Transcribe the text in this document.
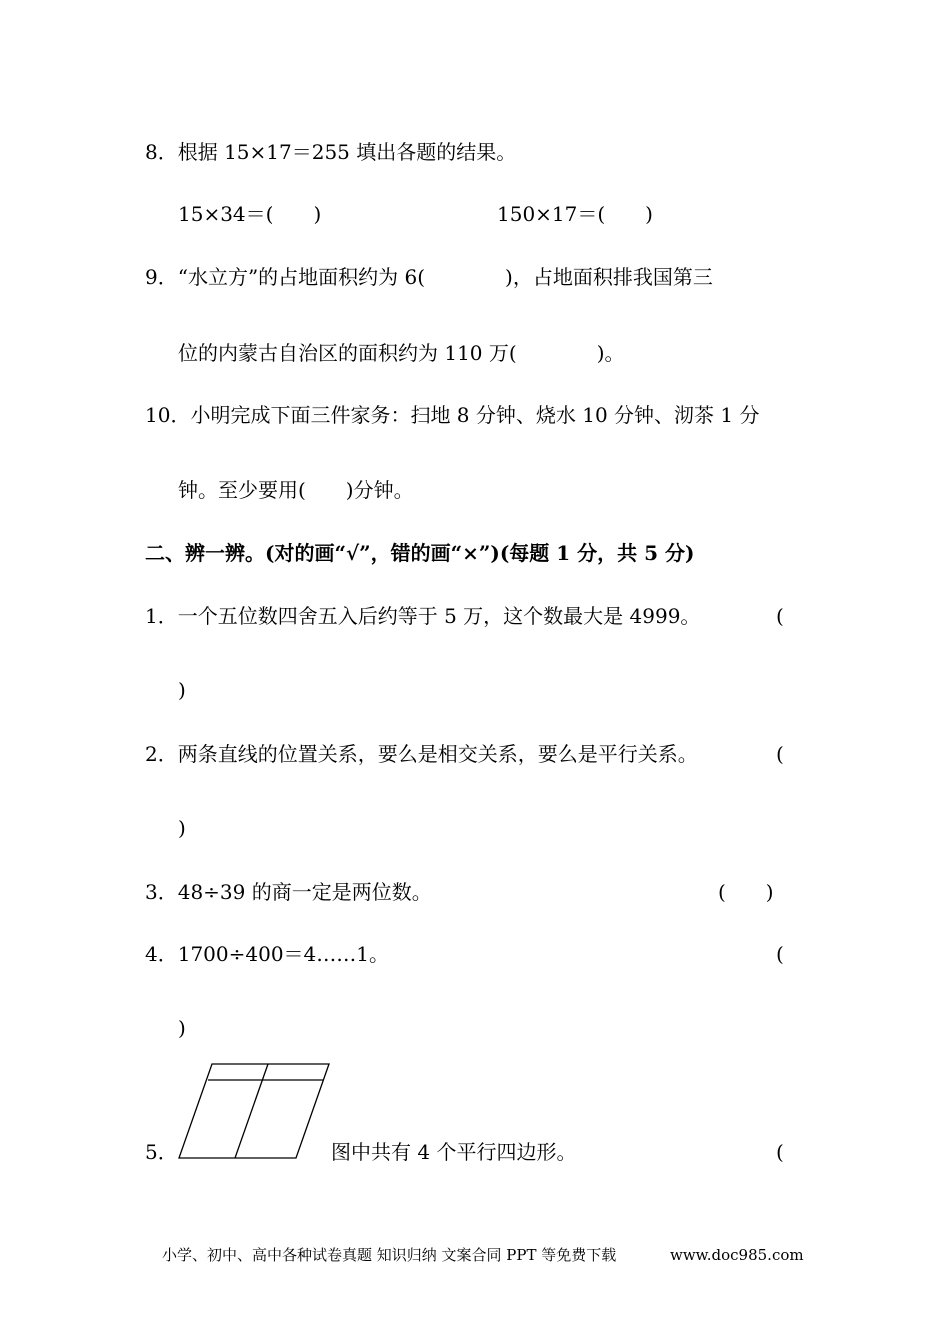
8．根据 15×17＝255 填出各题的结果。
15×34＝(　　)	150×17＝(　　)
9．“水立方”的占地面积约为 6(　　　　)，占地面积排我国第三
位的内蒙古自治区的面积约为 110 万(　　　　)。
10．小明完成下面三件家务：扫地 8 分钟、烧水 10 分钟、沏茶 1 分
钟。至少要用(　　)分钟。
二、辨一辨。(对的画“√”，错的画“×”)(每题 1 分，共 5 分)
1．一个五位数四舍五入后约等于 5 万，这个数最大是 4999。	(
)
2．两条直线的位置关系，要么是相交关系，要么是平行关系。	(
)
3．48÷39 的商一定是两位数。	(　　)
4．1700÷400＝4……1。	(
)
5．	图中共有 4 个平行四边形。	(
小学、初中、高中各种试卷真题 知识归纳 文案合同 PPT 等免费下载	www.doc985.com
